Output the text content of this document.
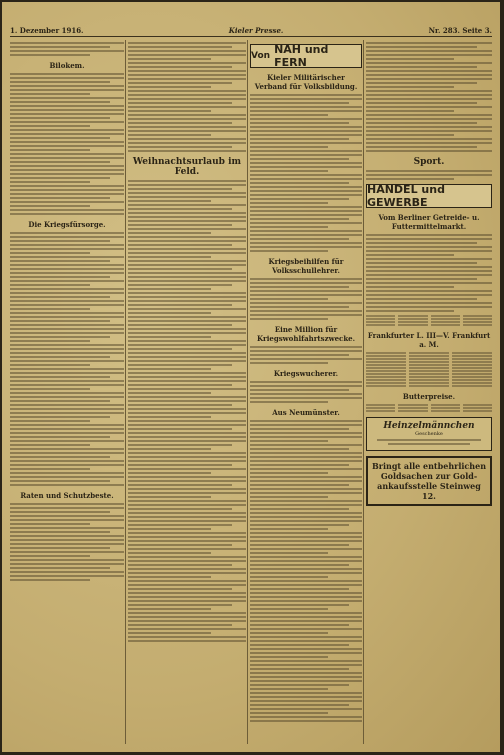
1. Dezember 1916.	Kieler Presse.	Nr. 283. Seite 3.
Bilokem.
Die Kriegsfürsorge.
Raten und Schutzbeste.
Weihnachtsurlaub im Feld.
Von NAH und FERN
Kieler Militärischer Verband für Volksbildung.
Kriegsbeihilfen für Volksschullehrer.
Eine Million für Kriegswohlfahrtszwecke.
Kriegswucherer.
Aus Neumünster.
Sport.
HANDEL und GEWERBE
Vom Berliner Getreide- u. Futtermittelmarkt.
Frankfurter L. III—V. Frankfurt a. M.
Butterpreise.
Heinzelmännchen
Geschenke
Bringt alle entbehrlichen Goldsachen zur Gold-ankaufsstelle Steinweg 12.
